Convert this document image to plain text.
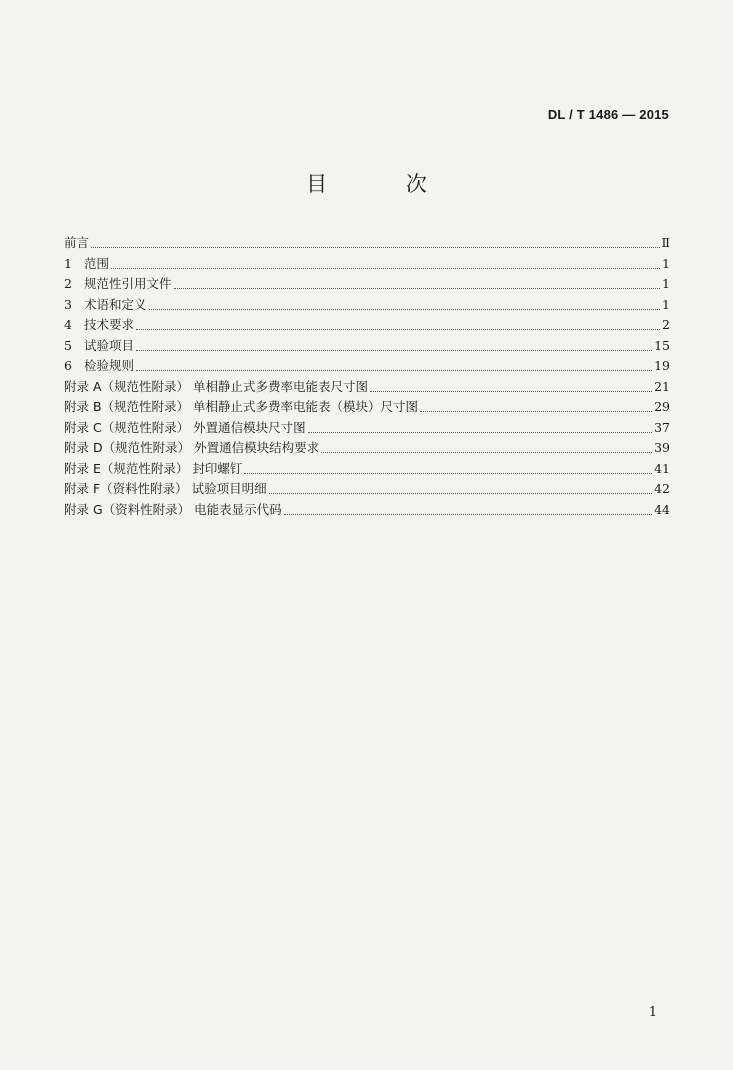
DL / T 1486 — 2015
目 次
前言	Ⅱ
1 范围	1
2 规范性引用文件	1
3 术语和定义	1
4 技术要求	2
5 试验项目	15
6 检验规则	19
附录 A（规范性附录） 单相静止式多费率电能表尺寸图	21
附录 B（规范性附录） 单相静止式多费率电能表（模块）尺寸图	29
附录 C（规范性附录） 外置通信模块尺寸图	37
附录 D（规范性附录） 外置通信模块结构要求	39
附录 E（规范性附录） 封印螺钉	41
附录 F（资料性附录） 试验项目明细	42
附录 G（资料性附录） 电能表显示代码	44
1
